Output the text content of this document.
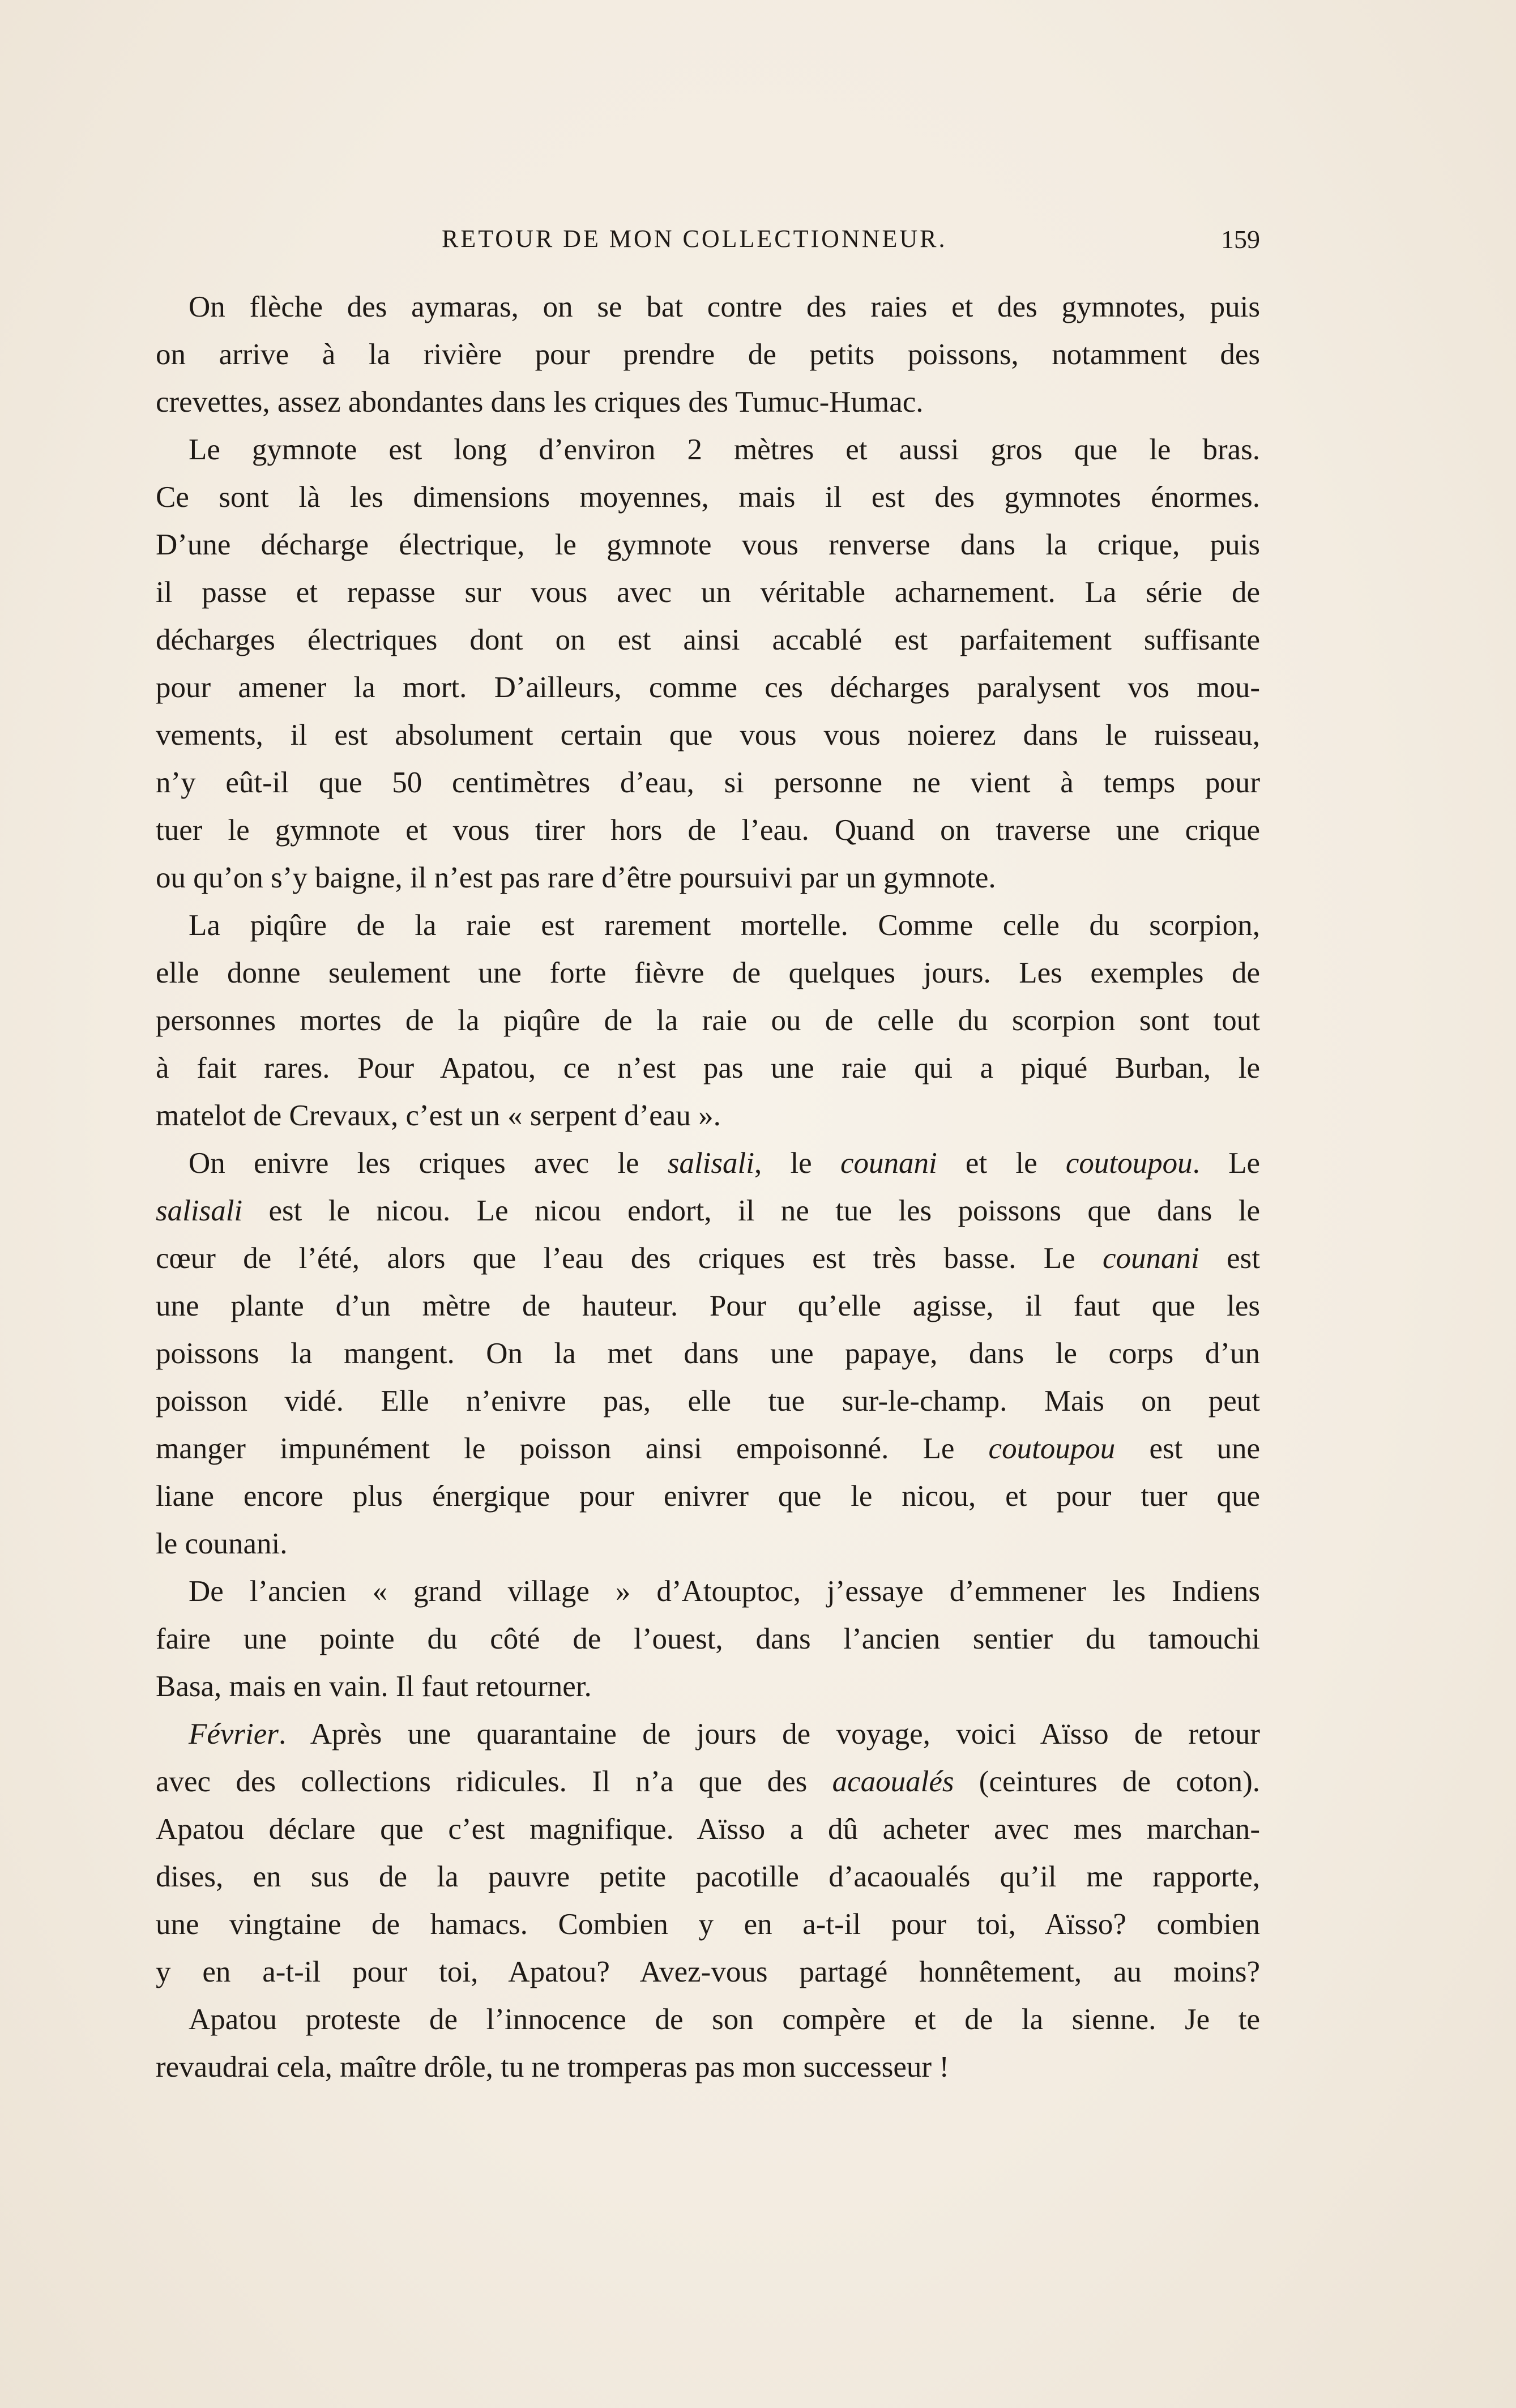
RETOUR DE MON COLLECTIONNEUR.	159
On flèche des aymaras, on se bat contre des raies et des gymnotes, puis
on arrive à la rivière pour prendre de petits poissons, notamment des
crevettes, assez abondantes dans les criques des Tumuc-Humac.
Le gymnote est long d’environ 2 mètres et aussi gros que le bras.
Ce sont là les dimensions moyennes, mais il est des gymnotes énormes.
D’une décharge électrique, le gymnote vous renverse dans la crique, puis
il passe et repasse sur vous avec un véritable acharnement. La série de
décharges électriques dont on est ainsi accablé est parfaitement suffisante
pour amener la mort. D’ailleurs, comme ces décharges paralysent vos mou-
vements, il est absolument certain que vous vous noierez dans le ruisseau,
n’y eût-il que 50 centimètres d’eau, si personne ne vient à temps pour
tuer le gymnote et vous tirer hors de l’eau. Quand on traverse une crique
ou qu’on s’y baigne, il n’est pas rare d’être poursuivi par un gymnote.
La piqûre de la raie est rarement mortelle. Comme celle du scorpion,
elle donne seulement une forte fièvre de quelques jours. Les exemples de
personnes mortes de la piqûre de la raie ou de celle du scorpion sont tout
à fait rares. Pour Apatou, ce n’est pas une raie qui a piqué Burban, le
matelot de Crevaux, c’est un « serpent d’eau ».
On enivre les criques avec le salisali, le counani et le coutoupou. Le
salisali est le nicou. Le nicou endort, il ne tue les poissons que dans le
cœur de l’été, alors que l’eau des criques est très basse. Le counani est
une plante d’un mètre de hauteur. Pour qu’elle agisse, il faut que les
poissons la mangent. On la met dans une papaye, dans le corps d’un
poisson vidé. Elle n’enivre pas, elle tue sur-le-champ. Mais on peut
manger impunément le poisson ainsi empoisonné. Le coutoupou est une
liane encore plus énergique pour enivrer que le nicou, et pour tuer que
le counani.
De l’ancien « grand village » d’Atouptoc, j’essaye d’emmener les Indiens
faire une pointe du côté de l’ouest, dans l’ancien sentier du tamouchi
Basa, mais en vain. Il faut retourner.
Février. Après une quarantaine de jours de voyage, voici Aïsso de retour
avec des collections ridicules. Il n’a que des acaoualés (ceintures de coton).
Apatou déclare que c’est magnifique. Aïsso a dû acheter avec mes marchan-
dises, en sus de la pauvre petite pacotille d’acaoualés qu’il me rapporte,
une vingtaine de hamacs. Combien y en a-t-il pour toi, Aïsso? combien
y en a-t-il pour toi, Apatou? Avez-vous partagé honnêtement, au moins?
Apatou proteste de l’innocence de son compère et de la sienne. Je te
revaudrai cela, maître drôle, tu ne tromperas pas mon successeur !
